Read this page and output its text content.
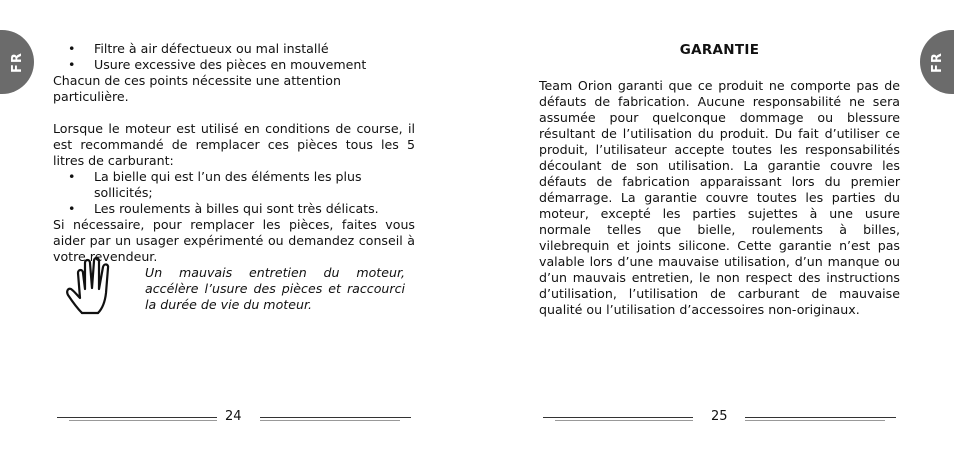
FR	FR
• Filtre à air défectueux ou mal installé
• Usure excessive des pièces en mouvement

Chacun de ces points nécessite une attention particulière.

Lorsque le moteur est utilisé en conditions de course, il est recommandé de remplacer ces pièces tous les 5 litres de carburant:

• La bielle qui est l’un des éléments les plus sollicités;
• Les roulements à billes qui sont très délicats.

Si nécessaire, pour remplacer les pièces, faites vous aider par un usager expérimenté ou demandez conseil à votre revendeur.

Un mauvais entretien du moteur, accélère l’usure des pièces et raccourci la durée de vie du moteur.

GARANTIE

Team Orion garanti que ce produit ne comporte pas de défauts de fabrication. Aucune responsabilité ne sera assumée pour quelconque dommage ou blessure résultant de l’utilisation du produit. Du fait d’utiliser ce produit, l’utilisateur accepte toutes les responsabilités découlant de son utilisation. La garantie couvre les défauts de fabrication apparaissant lors du premier démarrage. La garantie couvre toutes les parties du moteur, excepté les parties sujettes à une usure normale telles que bielle, roulements à billes, vilebrequin et joints silicone. Cette garantie n’est pas valable lors d’une mauvaise utilisation, d’un manque ou d’un mauvais entretien, le non respect des instructions d’utilisation, l’utilisation de carburant de mauvaise qualité ou l’utilisation d’accessoires non-originaux.

24	25
